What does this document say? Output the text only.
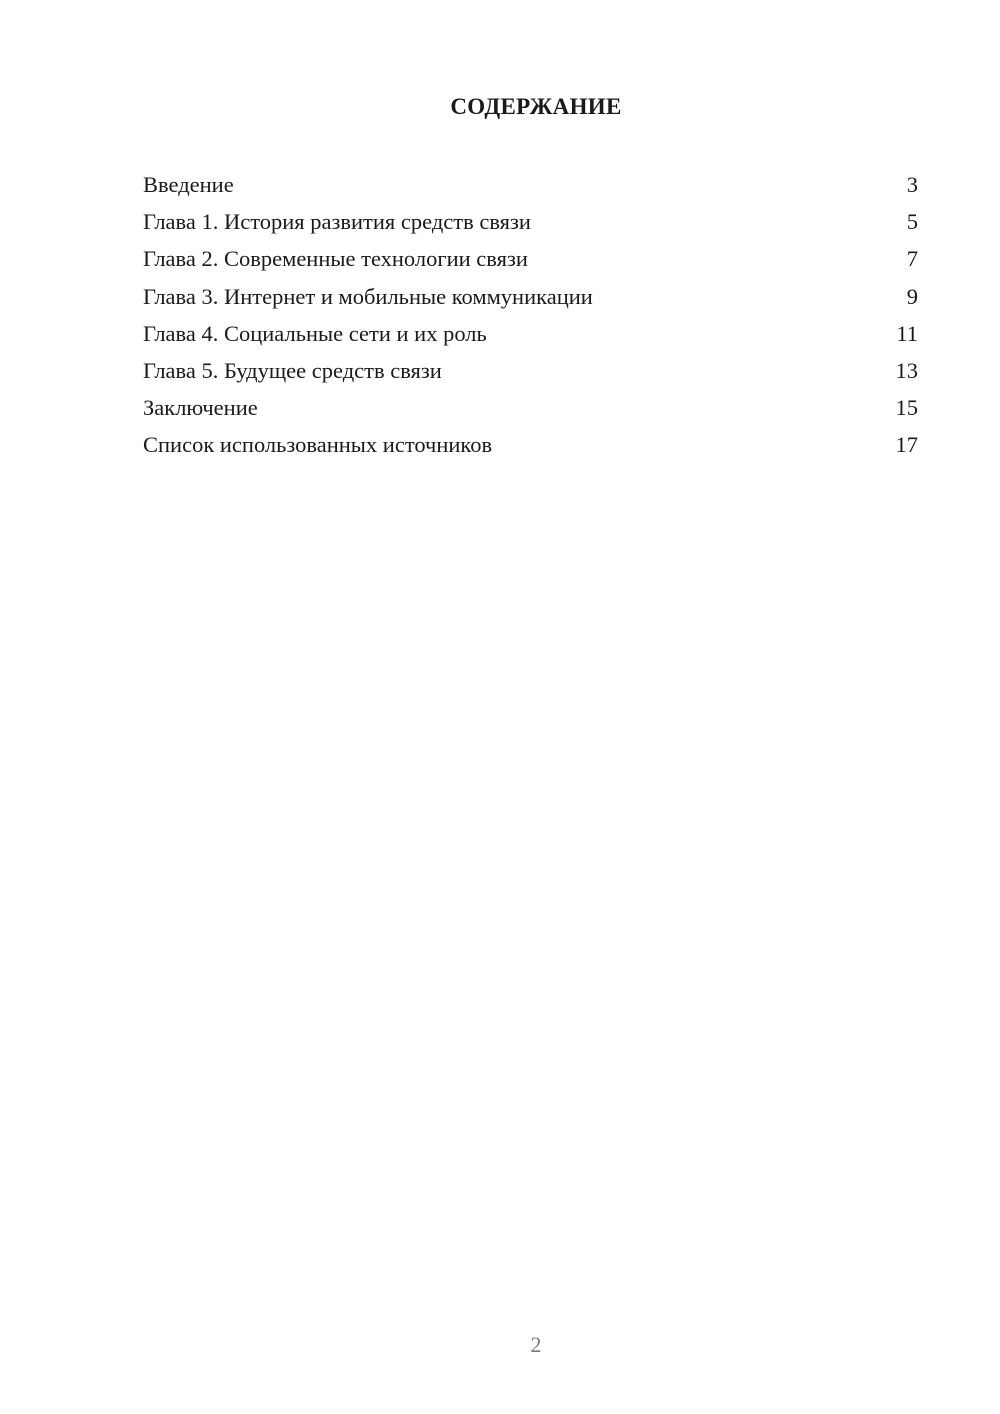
СОДЕРЖАНИЕ
Введение	3
Глава 1. История развития средств связи	5
Глава 2. Современные технологии связи	7
Глава 3. Интернет и мобильные коммуникации	9
Глава 4. Социальные сети и их роль	11
Глава 5. Будущее средств связи	13
Заключение	15
Список использованных источников	17
2
